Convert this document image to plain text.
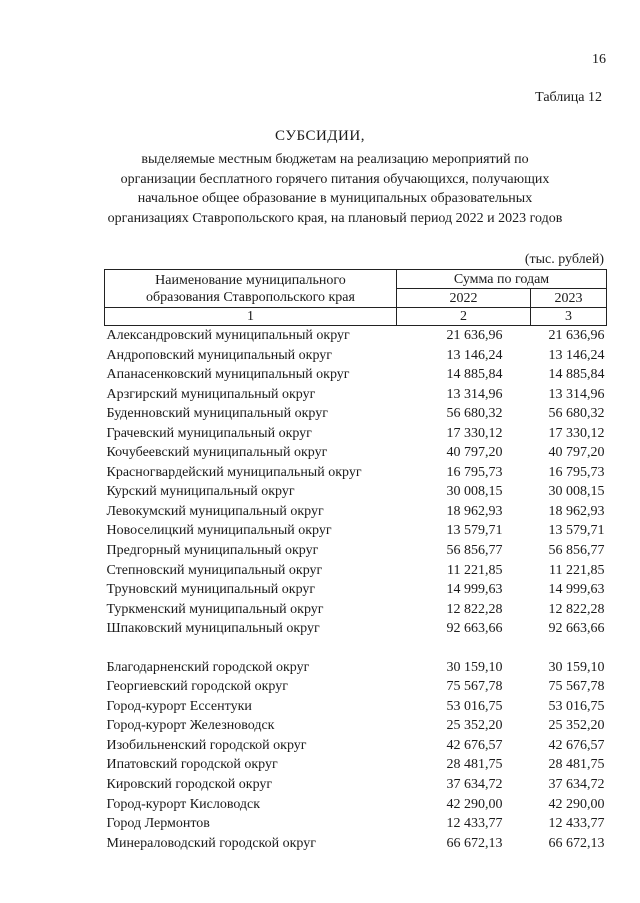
16
Таблица 12
СУБСИДИИ,
выделяемые местным бюджетам на реализацию мероприятий по
организации бесплатного горячего питания обучающихся, получающих
начальное общее образование в муниципальных образовательных
организациях Ставропольского края, на плановый период 2022 и 2023 годов
(тыс. рублей)
Наименование муниципального
образования Ставропольского края	Сумма по годам	
	2022	2023
1	2	3
Александровский муниципальный округ	21 636,96	21 636,96
Андроповский муниципальный округ	13 146,24	13 146,24
Апанасенковский муниципальный округ	14 885,84	14 885,84
Арзгирский муниципальный округ	13 314,96	13 314,96
Буденновский муниципальный округ	56 680,32	56 680,32
Грачевский муниципальный округ	17 330,12	17 330,12
Кочубеевский муниципальный округ	40 797,20	40 797,20
Красногвардейский муниципальный округ	16 795,73	16 795,73
Курский муниципальный округ	30 008,15	30 008,15
Левокумский муниципальный округ	18 962,93	18 962,93
Новоселицкий муниципальный округ	13 579,71	13 579,71
Предгорный муниципальный округ	56 856,77	56 856,77
Степновский муниципальный округ	11 221,85	11 221,85
Труновский муниципальный округ	14 999,63	14 999,63
Туркменский муниципальный округ	12 822,28	12 822,28
Шпаковский муниципальный округ	92 663,66	92 663,66

Благодарненский городской округ	30 159,10	30 159,10
Георгиевский городской округ	75 567,78	75 567,78
Город-курорт Ессентуки	53 016,75	53 016,75
Город-курорт Железноводск	25 352,20	25 352,20
Изобильненский городской округ	42 676,57	42 676,57
Ипатовский городской округ	28 481,75	28 481,75
Кировский городской округ	37 634,72	37 634,72
Город-курорт Кисловодск	42 290,00	42 290,00
Город Лермонтов	12 433,77	12 433,77
Минераловодский городской округ	66 672,13	66 672,13
